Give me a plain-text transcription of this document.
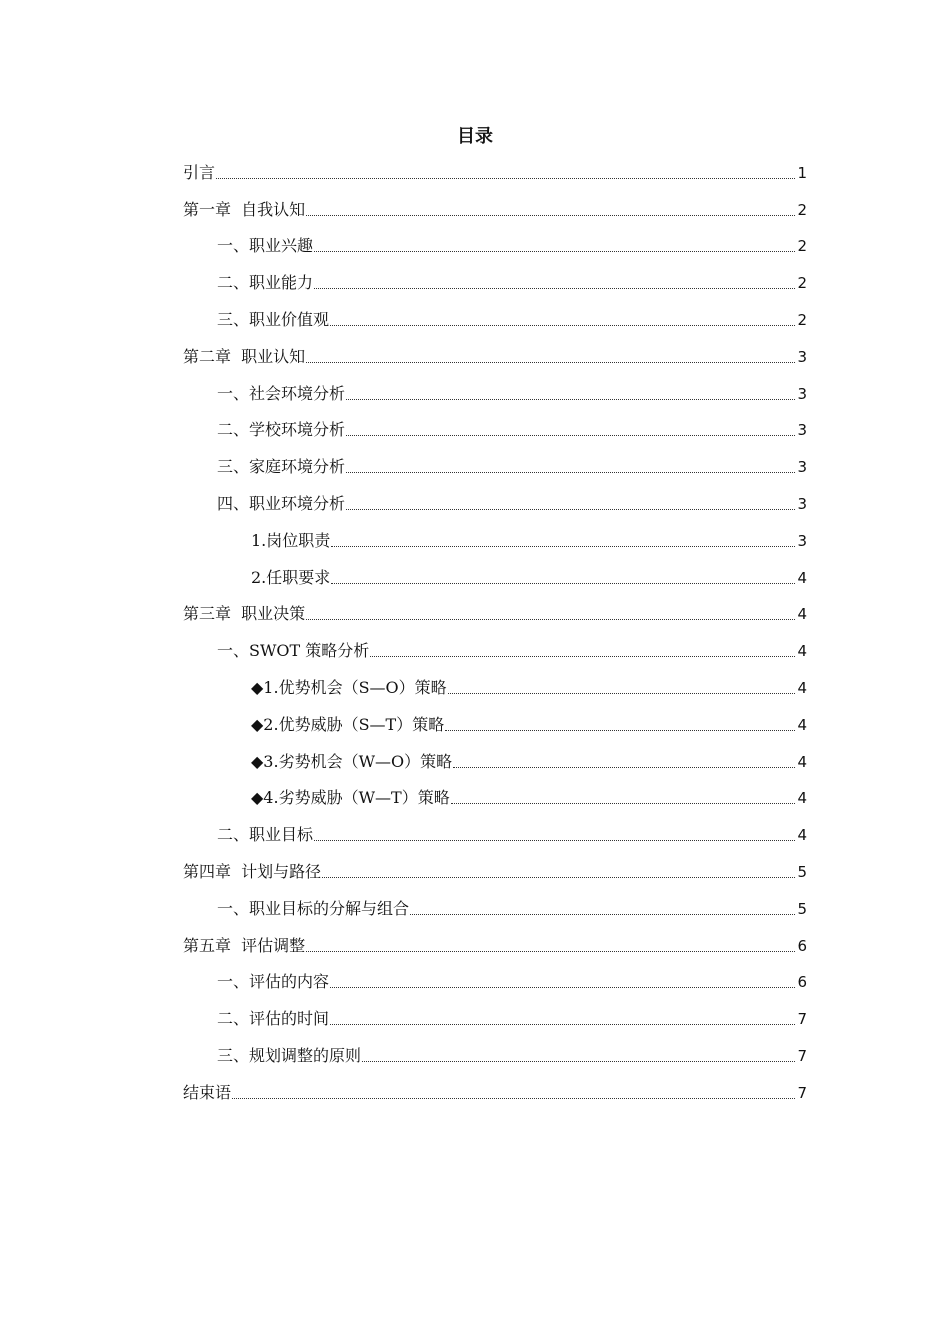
目录
引言	1
第一章  自我认知	2
一、职业兴趣	2
二、职业能力	2
三、职业价值观	2
第二章  职业认知	3
一、社会环境分析	3
二、学校环境分析	3
三、家庭环境分析	3
四、职业环境分析	3
1.岗位职责	3
2.任职要求	4
第三章  职业决策	4
一、SWOT 策略分析	4
◆1.优势机会（S—O）策略	4
◆2.优势威胁（S—T）策略	4
◆3.劣势机会（W—O）策略	4
◆4.劣势威胁（W—T）策略	4
二、职业目标	4
第四章  计划与路径	5
一、职业目标的分解与组合	5
第五章  评估调整	6
一、评估的内容	6
二、评估的时间	7
三、规划调整的原则	7
结束语	7
